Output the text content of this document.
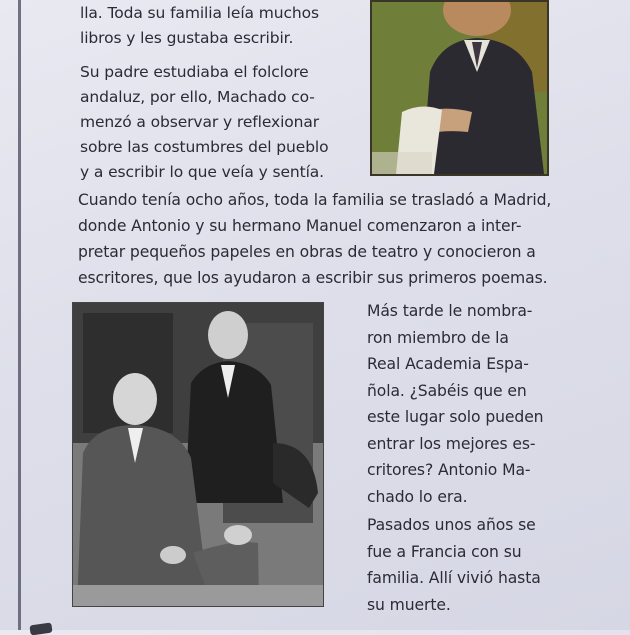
lla. Toda su familia leía muchos
libros y les gustaba escribir.
Su padre estudiaba el folclore
andaluz, por ello, Machado co-
menzó a observar y reflexionar
sobre las costumbres del pueblo
y a escribir lo que veía y sentía.
Cuando tenía ocho años, toda la familia se trasladó a Madrid,
donde Antonio y su hermano Manuel comenzaron a inter-
pretar pequeños papeles en obras de teatro y conocieron a
escritores, que los ayudaron a escribir sus primeros poemas.
Más tarde le nombra-
ron miembro de la
Real Academia Espa-
ñola. ¿Sabéis que en
este lugar solo pueden
entrar los mejores es-
critores? Antonio Ma-
chado lo era.
Pasados unos años se
fue a Francia con su
familia. Allí vivió hasta
su muerte.
